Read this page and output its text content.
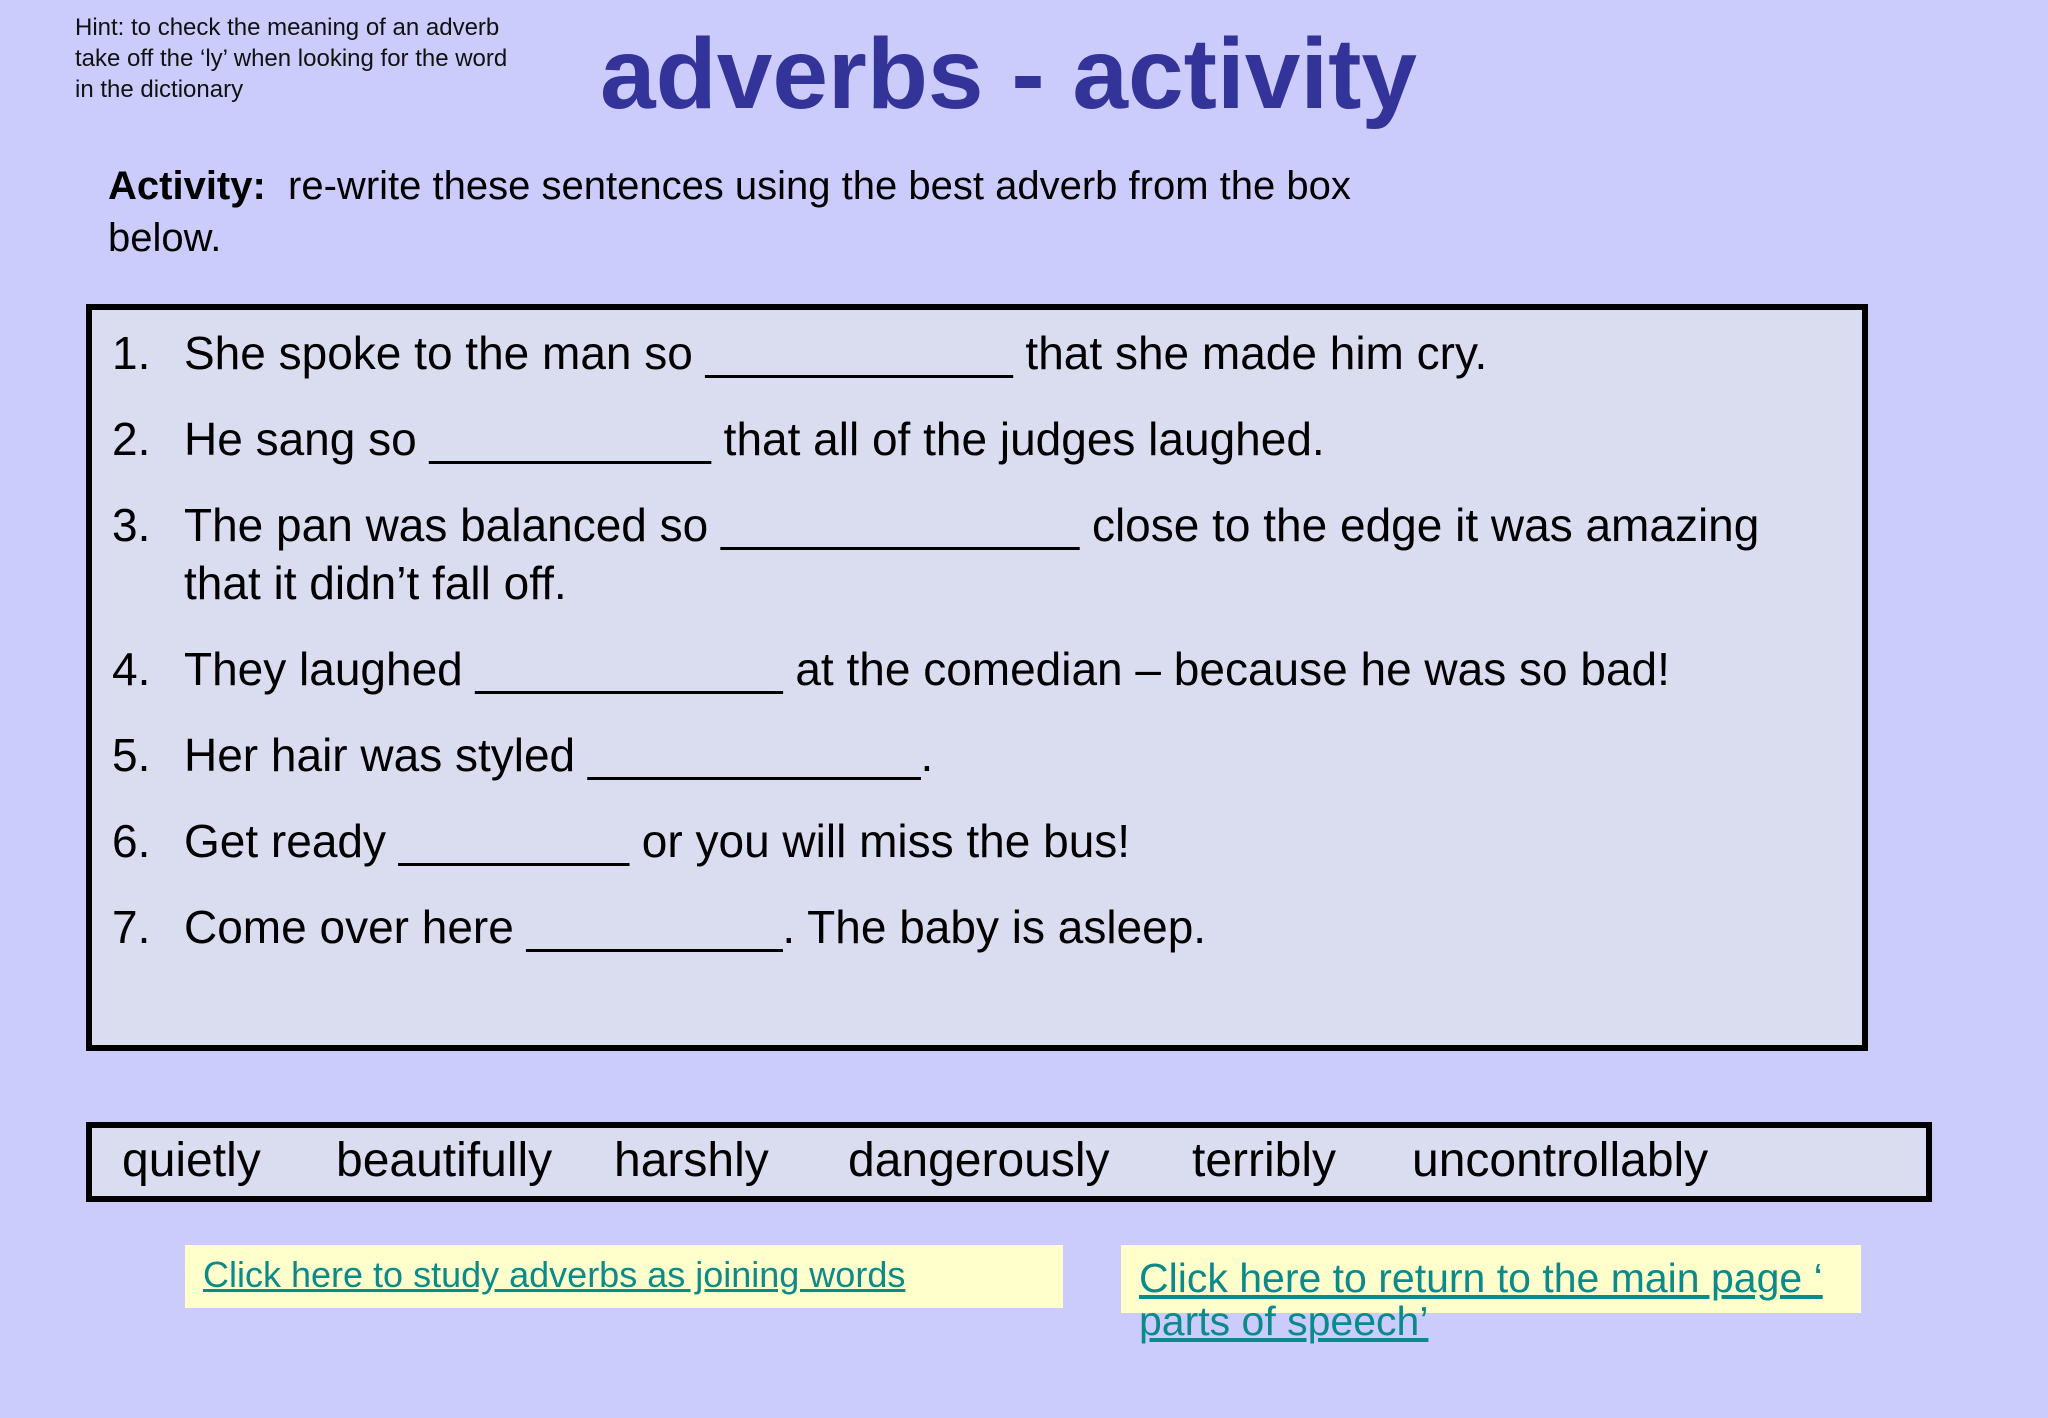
Hint: to check the meaning of an adverb take off the ‘ly’ when looking for the word in the dictionary	adverbs - activity
Activity: re-write these sentences using the best adverb from the box below.
1. She spoke to the man so ____________ that she made him cry.
2. He sang so ___________ that all of the judges laughed.
3. The pan was balanced so ______________ close to the edge it was amazing that it didn’t fall off.
4. They laughed ____________ at the comedian – because he was so bad!
5. Her hair was styled _____________.
6. Get ready _________ or you will miss the bus!
7. Come over here __________. The baby is asleep.
quietly beautifully harshly dangerously terribly uncontrollably
Click here to study adverbs as joining words	Click here to return to the main page ‘ parts of speech’
